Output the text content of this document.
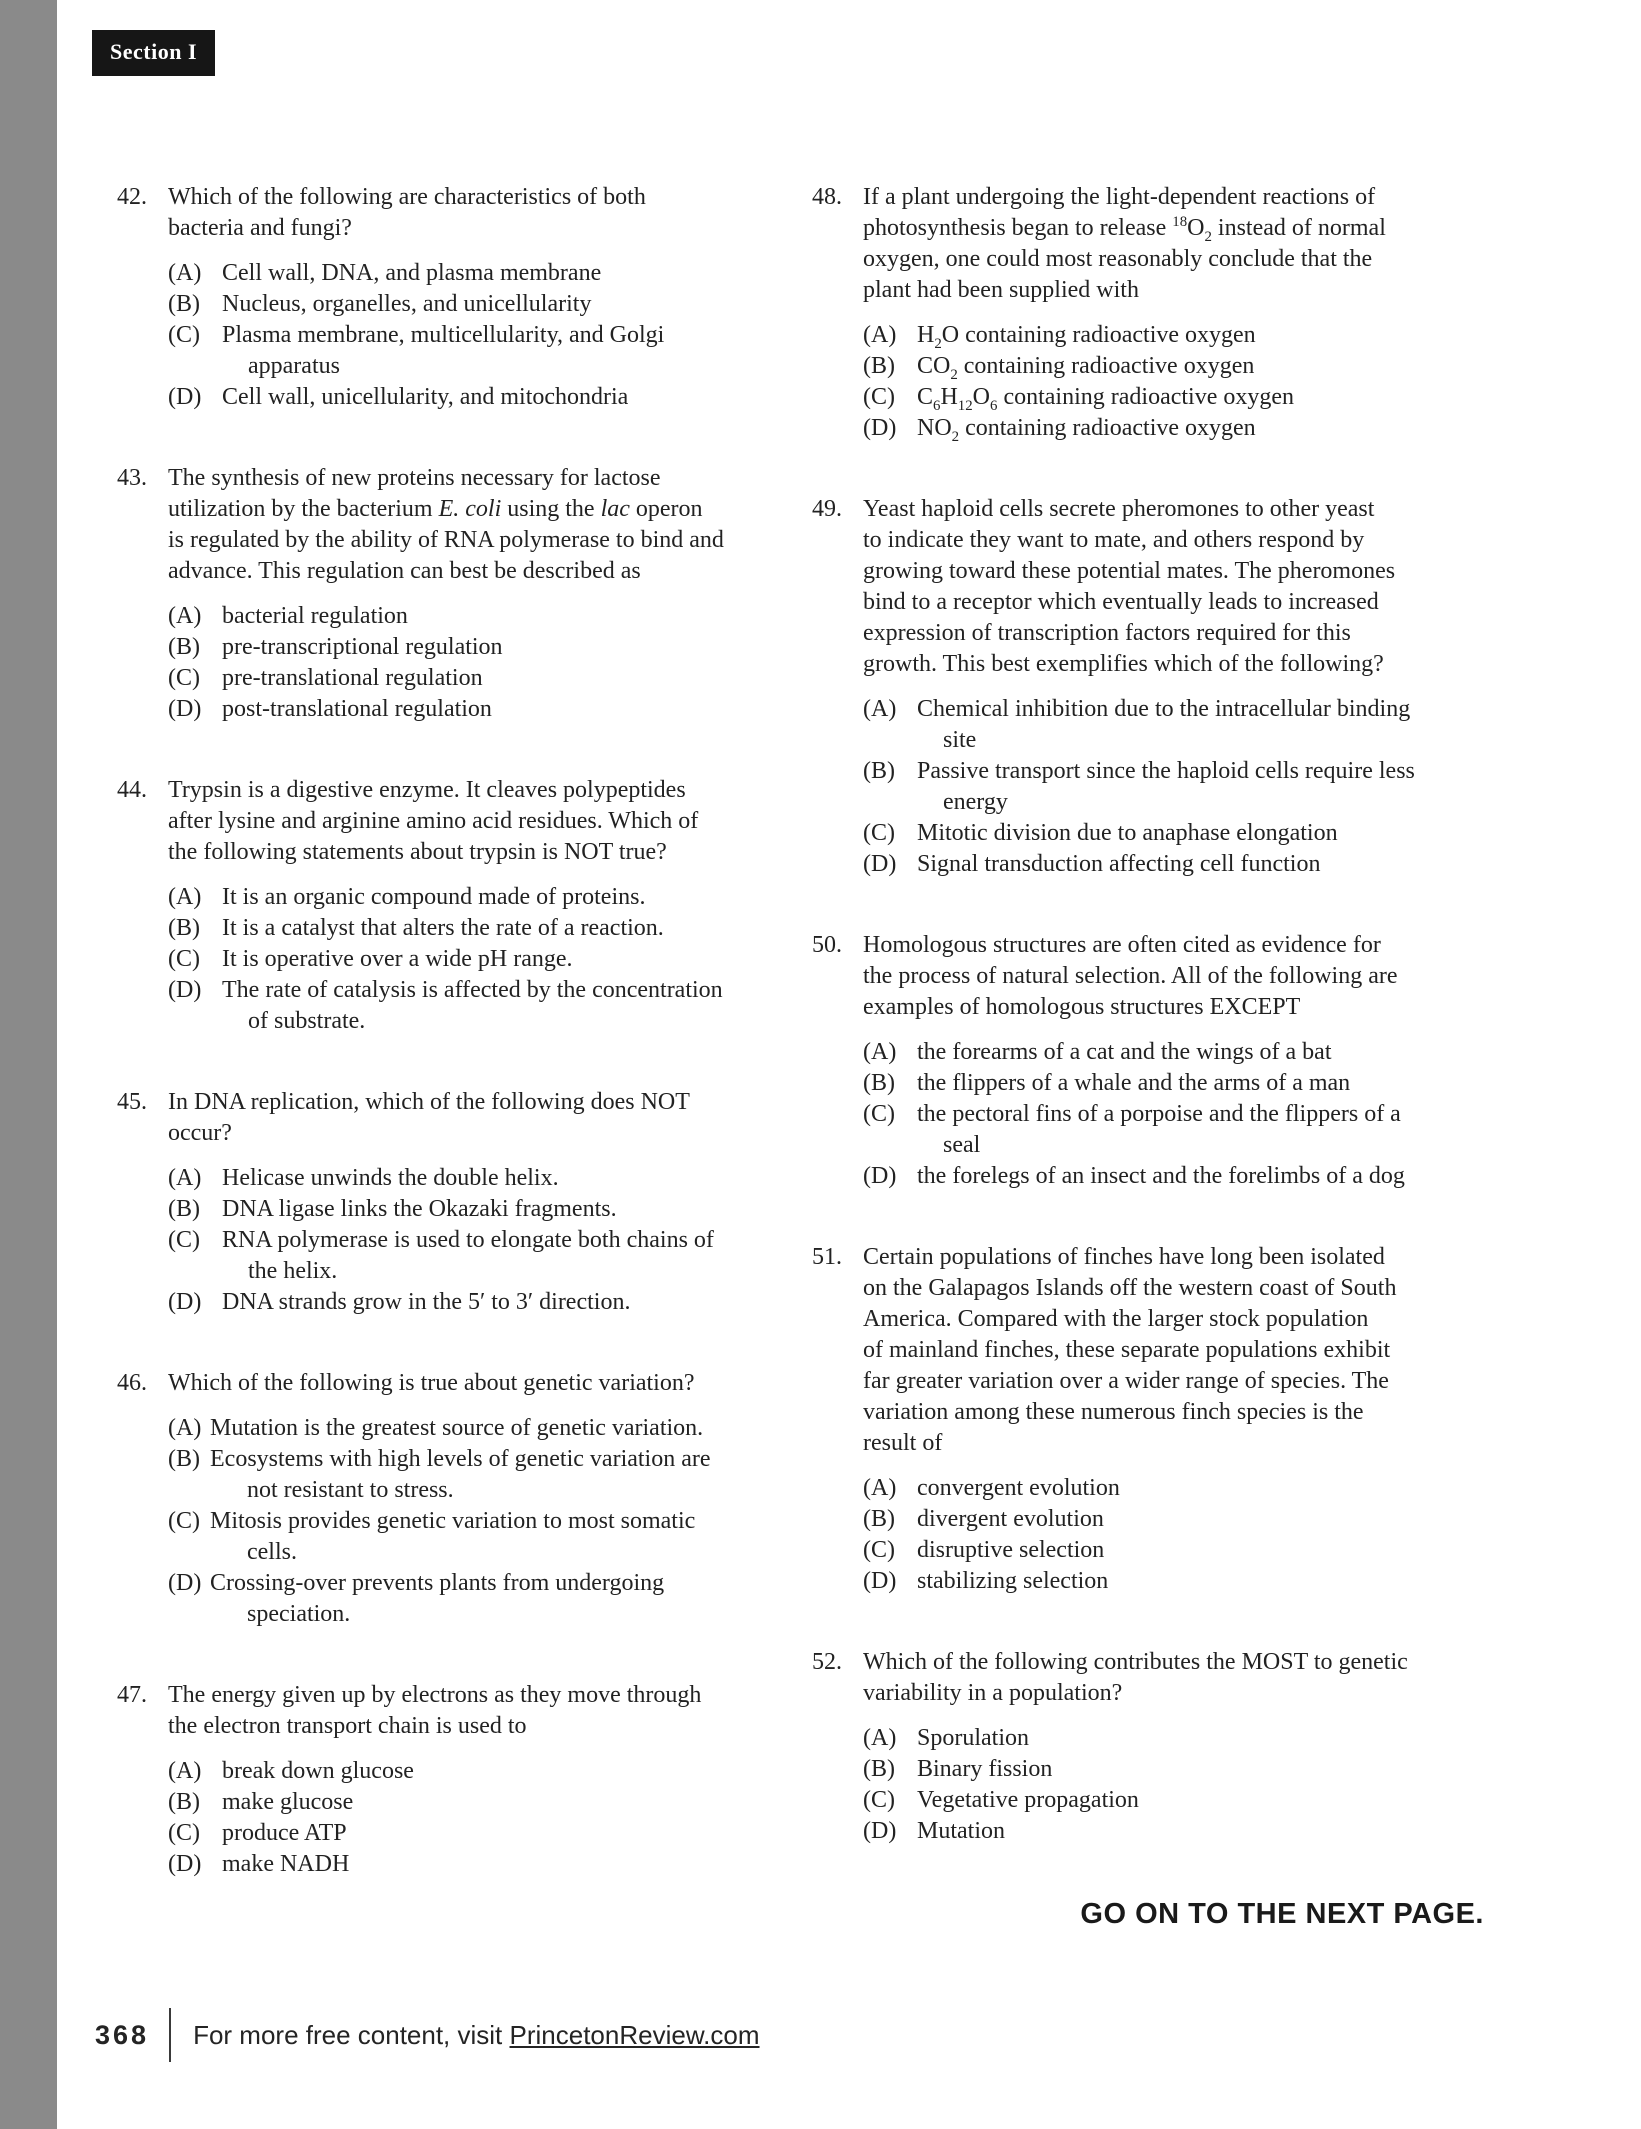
Section I
42. Which of the following are characteristics of both
bacteria and fungi?
(A) Cell wall, DNA, and plasma membrane
(B) Nucleus, organelles, and unicellularity
(C) Plasma membrane, multicellularity, and Golgi
apparatus
(D) Cell wall, unicellularity, and mitochondria
43. The synthesis of new proteins necessary for lactose
utilization by the bacterium E. coli using the lac operon
is regulated by the ability of RNA polymerase to bind and
advance. This regulation can best be described as
(A) bacterial regulation
(B) pre-transcriptional regulation
(C) pre-translational regulation
(D) post-translational regulation
44. Trypsin is a digestive enzyme. It cleaves polypeptides
after lysine and arginine amino acid residues. Which of
the following statements about trypsin is NOT true?
(A) It is an organic compound made of proteins.
(B) It is a catalyst that alters the rate of a reaction.
(C) It is operative over a wide pH range.
(D) The rate of catalysis is affected by the concentration
of substrate.
45. In DNA replication, which of the following does NOT
occur?
(A) Helicase unwinds the double helix.
(B) DNA ligase links the Okazaki fragments.
(C) RNA polymerase is used to elongate both chains of
the helix.
(D) DNA strands grow in the 5′ to 3′ direction.
46. Which of the following is true about genetic variation?
(A) Mutation is the greatest source of genetic variation.
(B) Ecosystems with high levels of genetic variation are
not resistant to stress.
(C) Mitosis provides genetic variation to most somatic
cells.
(D) Crossing-over prevents plants from undergoing
speciation.
47. The energy given up by electrons as they move through
the electron transport chain is used to
(A) break down glucose
(B) make glucose
(C) produce ATP
(D) make NADH
48. If a plant undergoing the light-dependent reactions of
photosynthesis began to release $^{18}O_2$ instead of normal
oxygen, one could most reasonably conclude that the
plant had been supplied with
(A) $H_2O$ containing radioactive oxygen
(B) $CO_2$ containing radioactive oxygen
(C) $C_6H_{12}O_6$ containing radioactive oxygen
(D) $NO_2$ containing radioactive oxygen
49. Yeast haploid cells secrete pheromones to other yeast
to indicate they want to mate, and others respond by
growing toward these potential mates. The pheromones
bind to a receptor which eventually leads to increased
expression of transcription factors required for this
growth. This best exemplifies which of the following?
(A) Chemical inhibition due to the intracellular binding
site
(B) Passive transport since the haploid cells require less
energy
(C) Mitotic division due to anaphase elongation
(D) Signal transduction affecting cell function
50. Homologous structures are often cited as evidence for
the process of natural selection. All of the following are
examples of homologous structures EXCEPT
(A) the forearms of a cat and the wings of a bat
(B) the flippers of a whale and the arms of a man
(C) the pectoral fins of a porpoise and the flippers of a
seal
(D) the forelegs of an insect and the forelimbs of a dog
51. Certain populations of finches have long been isolated
on the Galapagos Islands off the western coast of South
America. Compared with the larger stock population
of mainland finches, these separate populations exhibit
far greater variation over a wider range of species. The
variation among these numerous finch species is the
result of
(A) convergent evolution
(B) divergent evolution
(C) disruptive selection
(D) stabilizing selection
52. Which of the following contributes the MOST to genetic
variability in a population?
(A) Sporulation
(B) Binary fission
(C) Vegetative propagation
(D) Mutation
GO ON TO THE NEXT PAGE.
368 For more free content, visit PrincetonReview.com
